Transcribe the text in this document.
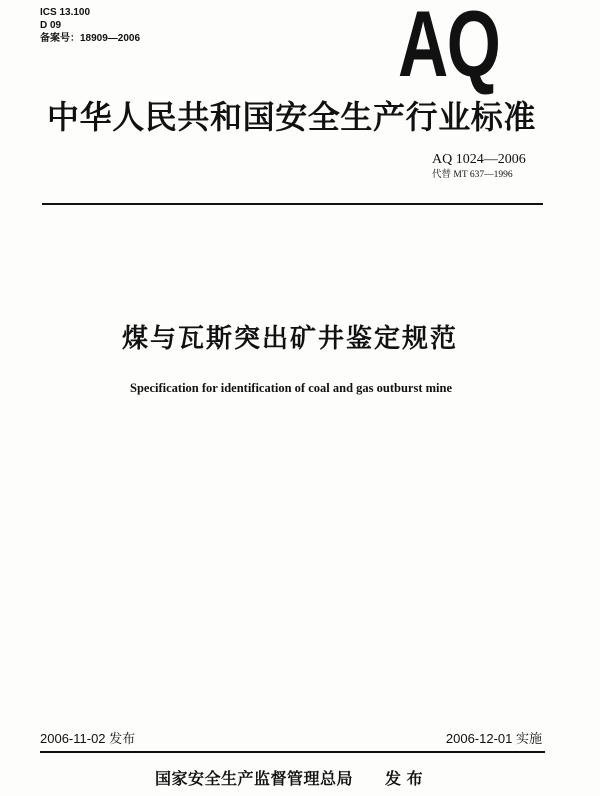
ICS 13.100
D 09
备案号：18909—2006	AQ
中华人民共和国安全生产行业标准
AQ 1024—2006
代替 MT 637—1996
煤与瓦斯突出矿井鉴定规范
Specification for identification of coal and gas outburst mine
2006-11-02 发布	2006-12-01 实施
国家安全生产监督管理总局 发 布
